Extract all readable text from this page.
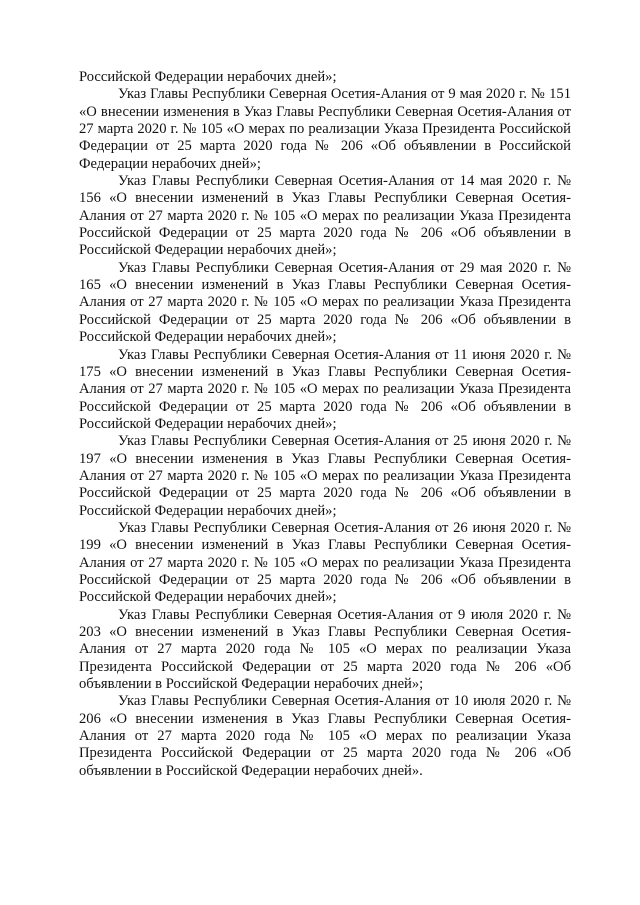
Российской Федерации нерабочих дней»;

Указ Главы Республики Северная Осетия-Алания от 9 мая 2020 г. № 151 «О внесении изменения в Указ Главы Республики Северная Осетия-Алания от 27 марта 2020 г. № 105 «О мерах по реализации Указа Президента Российской Федерации от 25 марта 2020 года № 206 «Об объявлении в Российской Федерации нерабочих дней»;

Указ Главы Республики Северная Осетия-Алания от 14 мая 2020 г. № 156 «О внесении изменений в Указ Главы Республики Северная Осетия-Алания от 27 марта 2020 г. № 105 «О мерах по реализации Указа Президента Российской Федерации от 25 марта 2020 года № 206 «Об объявлении в Российской Федерации нерабочих дней»;

Указ Главы Республики Северная Осетия-Алания от 29 мая 2020 г. № 165 «О внесении изменений в Указ Главы Республики Северная Осетия-Алания от 27 марта 2020 г. № 105 «О мерах по реализации Указа Президента Российской Федерации от 25 марта 2020 года № 206 «Об объявлении в Российской Федерации нерабочих дней»;

Указ Главы Республики Северная Осетия-Алания от 11 июня 2020 г. № 175 «О внесении изменений в Указ Главы Республики Северная Осетия-Алания от 27 марта 2020 г. № 105 «О мерах по реализации Указа Президента Российской Федерации от 25 марта 2020 года № 206 «Об объявлении в Российской Федерации нерабочих дней»;

Указ Главы Республики Северная Осетия-Алания от 25 июня 2020 г. № 197 «О внесении изменения в Указ Главы Республики Северная Осетия-Алания от 27 марта 2020 г. № 105 «О мерах по реализации Указа Президента Российской Федерации от 25 марта 2020 года № 206 «Об объявлении в Российской Федерации нерабочих дней»;

Указ Главы Республики Северная Осетия-Алания от 26 июня 2020 г. № 199 «О внесении изменений в Указ Главы Республики Северная Осетия-Алания от 27 марта 2020 г. № 105 «О мерах по реализации Указа Президента Российской Федерации от 25 марта 2020 года № 206 «Об объявлении в Российской Федерации нерабочих дней»;

Указ Главы Республики Северная Осетия-Алания от 9 июля 2020 г. № 203 «О внесении изменений в Указ Главы Республики Северная Осетия-Алания от 27 марта 2020 года № 105 «О мерах по реализации Указа Президента Российской Федерации от 25 марта 2020 года № 206 «Об объявлении в Российской Федерации нерабочих дней»;

Указ Главы Республики Северная Осетия-Алания от 10 июля 2020 г. № 206 «О внесении изменения в Указ Главы Республики Северная Осетия-Алания от 27 марта 2020 года № 105 «О мерах по реализации Указа Президента Российской Федерации от 25 марта 2020 года № 206 «Об объявлении в Российской Федерации нерабочих дней».
